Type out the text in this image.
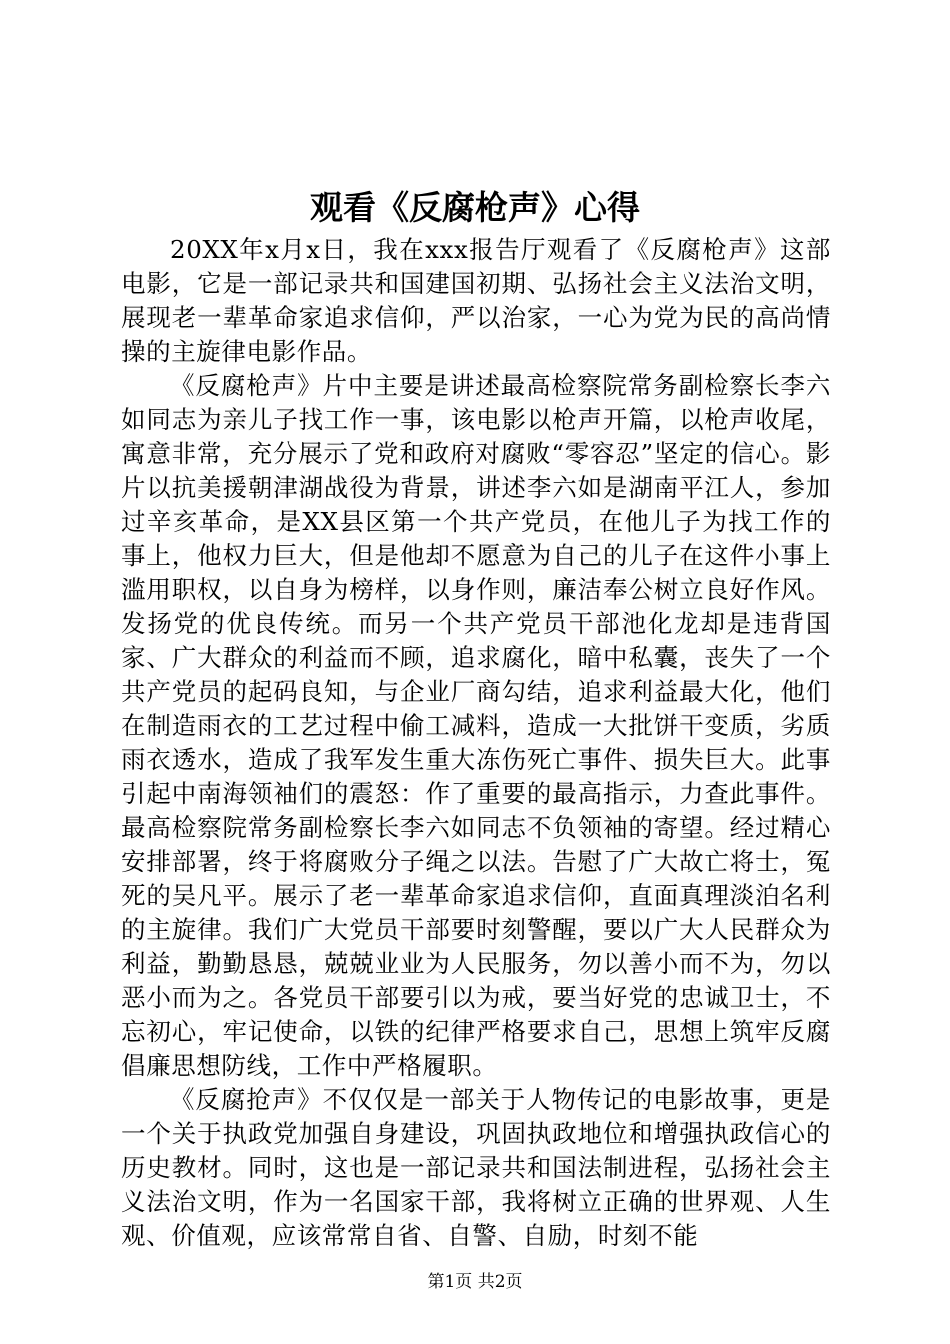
观看《反腐枪声》心得

20XX年x月x日，我在xxx报告厅观看了《反腐枪声》这部电影，它是一部记录共和国建国初期、弘扬社会主义法治文明，展现老一辈革命家追求信仰，严以治家，一心为党为民的高尚情操的主旋律电影作品。

《反腐枪声》片中主要是讲述最高检察院常务副检察长李六如同志为亲儿子找工作一事，该电影以枪声开篇，以枪声收尾，寓意非常，充分展示了党和政府对腐败“零容忍”坚定的信心。影片以抗美援朝津湖战役为背景，讲述李六如是湖南平江人，参加过辛亥革命，是XX县区第一个共产党员，在他儿子为找工作的事上，他权力巨大，但是他却不愿意为自己的儿子在这件小事上滥用职权，以自身为榜样，以身作则，廉洁奉公树立良好作风。发扬党的优良传统。而另一个共产党员干部池化龙却是违背国家、广大群众的利益而不顾，追求腐化，暗中私囊，丧失了一个共产党员的起码良知，与企业厂商勾结，追求利益最大化，他们在制造雨衣的工艺过程中偷工减料，造成一大批饼干变质，劣质雨衣透水，造成了我军发生重大冻伤死亡事件、损失巨大。此事引起中南海领袖们的震怒：作了重要的最高指示，力查此事件。最高检察院常务副检察长李六如同志不负领袖的寄望。经过精心安排部署，终于将腐败分子绳之以法。告慰了广大故亡将士，冤死的吴凡平。展示了老一辈革命家追求信仰，直面真理淡泊名利的主旋律。我们广大党员干部要时刻警醒，要以广大人民群众为利益，勤勤恳恳，兢兢业业为人民服务，勿以善小而不为，勿以恶小而为之。各党员干部要引以为戒，要当好党的忠诚卫士，不忘初心，牢记使命，以铁的纪律严格要求自己，思想上筑牢反腐倡廉思想防线，工作中严格履职。

《反腐抢声》不仅仅是一部关于人物传记的电影故事，更是一个关于执政党加强自身建设，巩固执政地位和增强执政信心的历史教材。同时，这也是一部记录共和国法制进程，弘扬社会主义法治文明，作为一名国家干部，我将树立正确的世界观、人生观、价值观，应该常常自省、自警、自励，时刻不能

第1页 共2页
